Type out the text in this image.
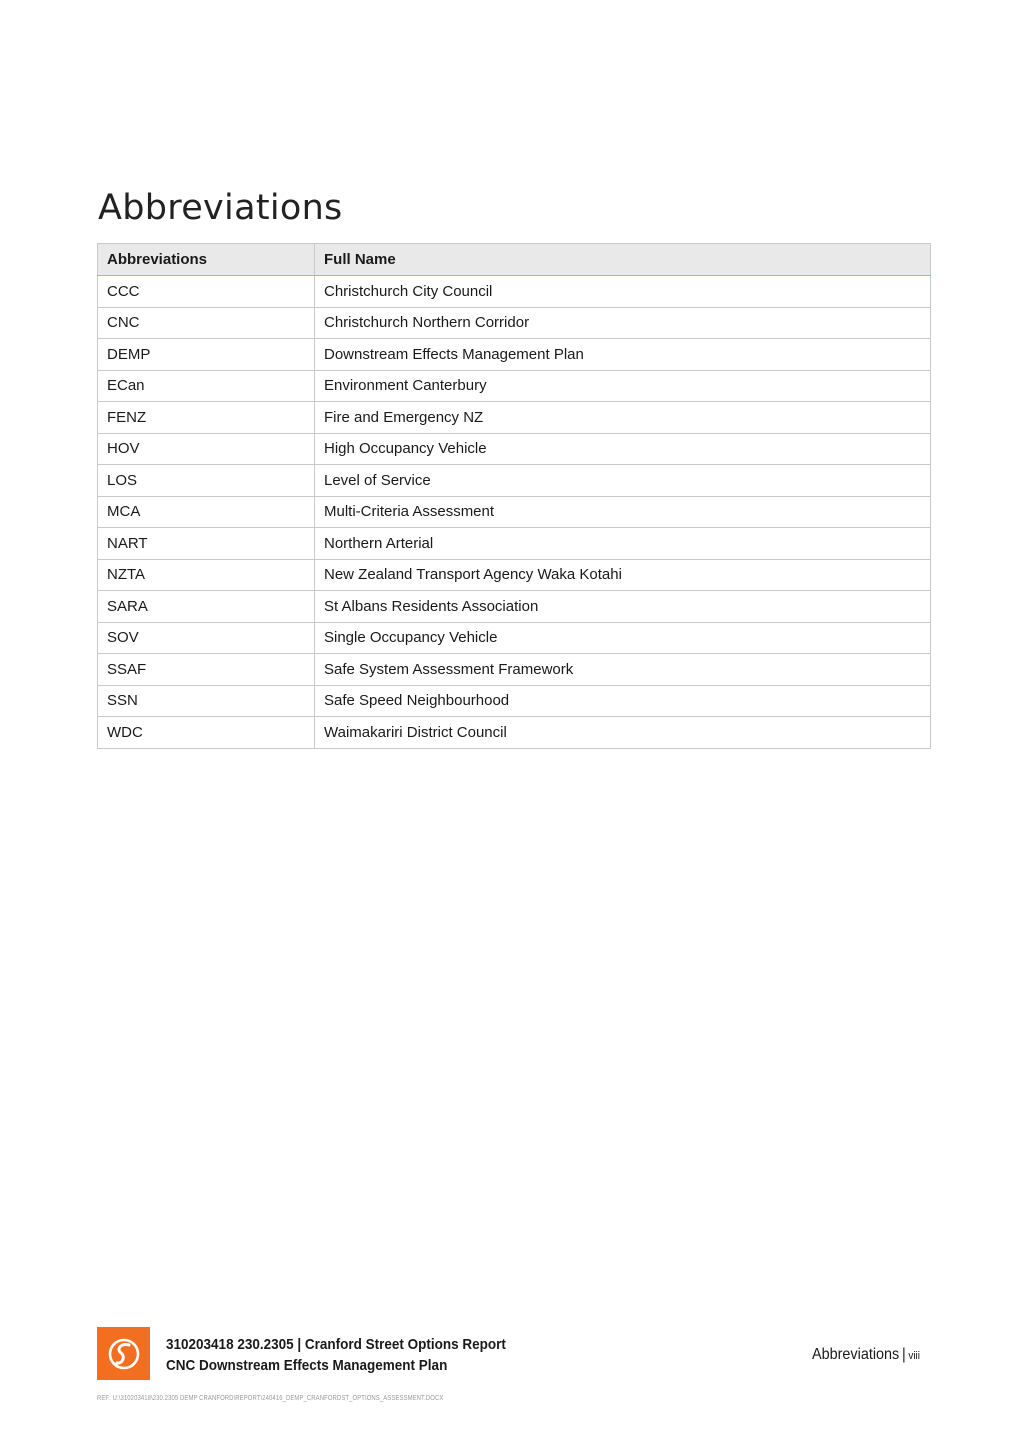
Abbreviations
Abbreviations	Full Name
CCC	Christchurch City Council
CNC	Christchurch Northern Corridor
DEMP	Downstream Effects Management Plan
ECan	Environment Canterbury
FENZ	Fire and Emergency NZ
HOV	High Occupancy Vehicle
LOS	Level of Service
MCA	Multi-Criteria Assessment
NART	Northern Arterial
NZTA	New Zealand Transport Agency Waka Kotahi
SARA	St Albans Residents Association
SOV	Single Occupancy Vehicle
SSAF	Safe System Assessment Framework
SSN	Safe Speed Neighbourhood
WDC	Waimakariri District Council
310203418 230.2305 | Cranford Street Options Report
CNC Downstream Effects Management Plan
Abbreviations | viii
REF: U:\310203418\230.2305 DEMP CRANFORD\REPORT\240416_DEMP_CRANFORDST_OPTIONS_ASSESSMENT.DOCX
